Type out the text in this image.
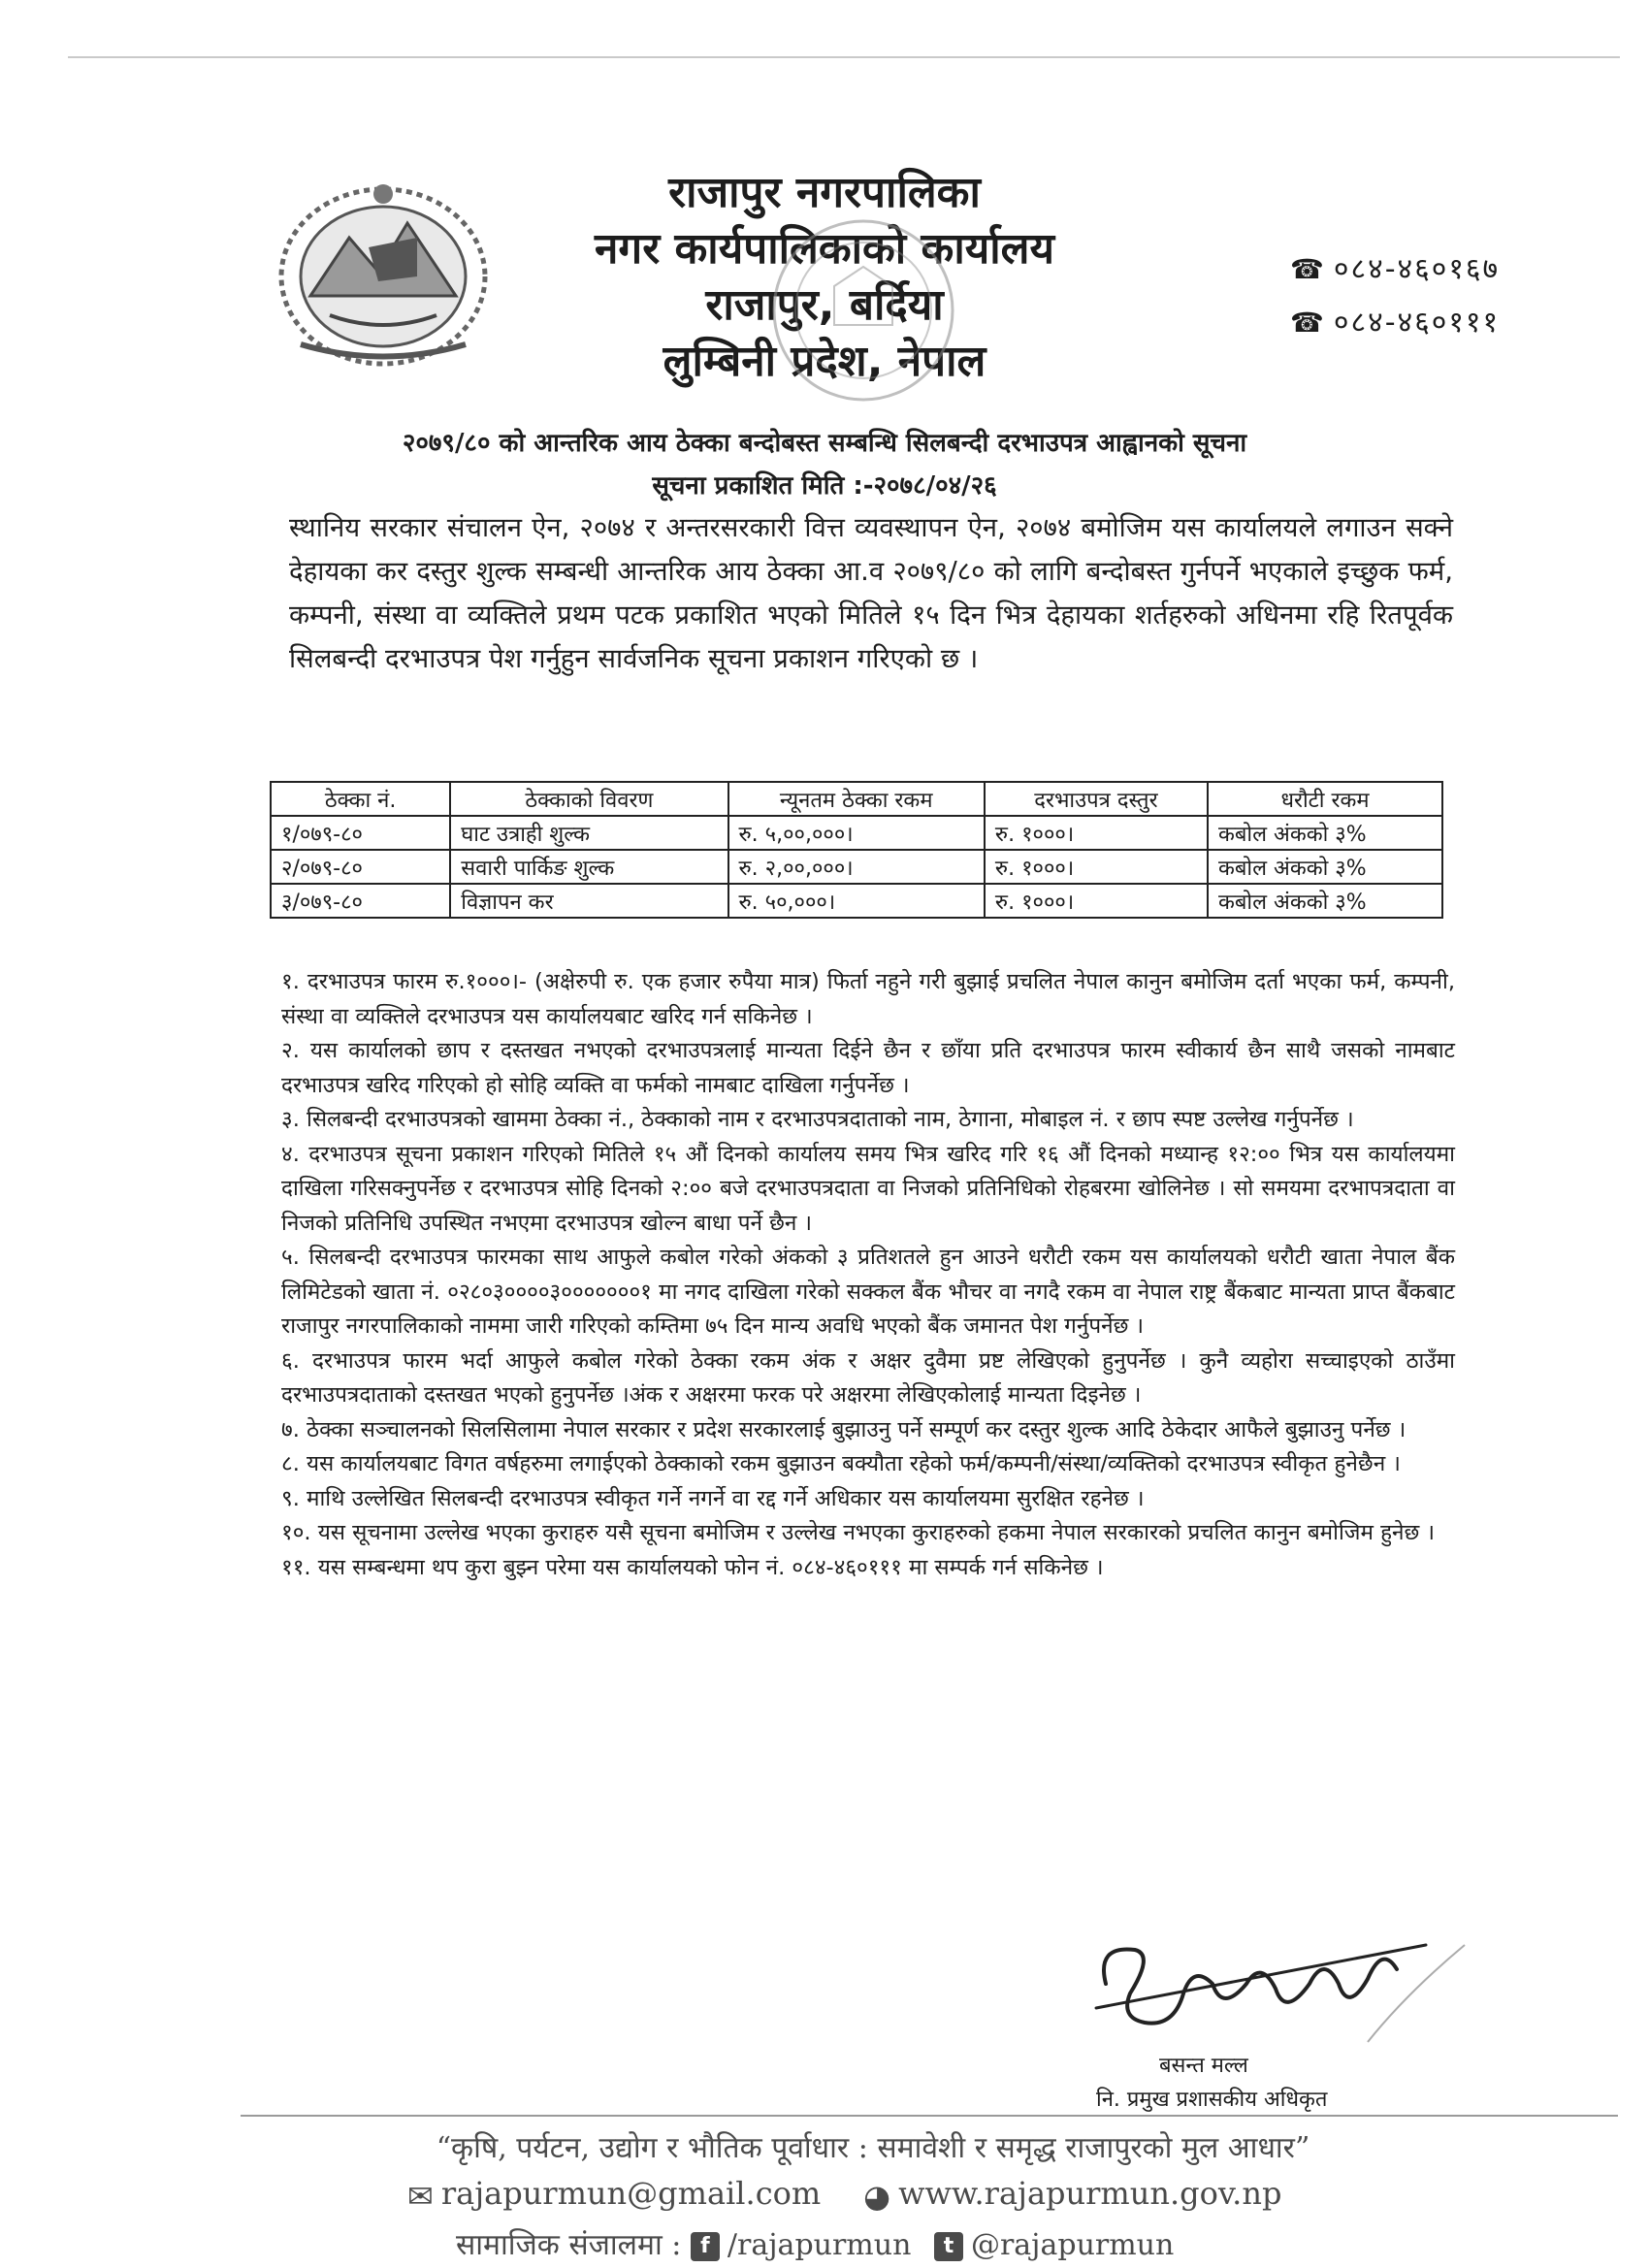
राजापुर नगरपालिका
नगर कार्यपालिकाको कार्यालय
राजापुर, बर्दिया
लुम्बिनी प्रदेश, नेपाल
☎ ०८४-४६०१६७
☎ ०८४-४६०१११
२०७९/८० को आन्तरिक आय ठेक्का बन्दोबस्त सम्बन्धि सिलबन्दी दरभाउपत्र आह्वानको सूचना
सूचना प्रकाशित मिति :-२०७८/०४/२६
स्थानिय सरकार संचालन ऐन, २०७४ र अन्तरसरकारी वित्त व्यवस्थापन ऐन, २०७४ बमोजिम यस कार्यालयले लगाउन सक्ने देहायका कर दस्तुर शुल्क सम्बन्धी आन्तरिक आय ठेक्का आ.व २०७९/८० को लागि बन्दोबस्त गुर्नपर्ने भएकाले इच्छुक फर्म, कम्पनी, संस्था वा व्यक्तिले प्रथम पटक प्रकाशित भएको मितिले १५ दिन भित्र देहायका शर्तहरुको अधिनमा रहि रितपूर्वक सिलबन्दी दरभाउपत्र पेश गर्नुहुन सार्वजनिक सूचना प्रकाशन गरिएको छ ।
ठेक्का नं.	ठेक्काको विवरण	न्यूनतम ठेक्का रकम	दरभाउपत्र दस्तुर	धरौटी रकम
१/०७९-८०	घाट उत्राही शुल्क	रु. ५,००,०००।	रु. १०००।	कबोल अंकको ३%
२/०७९-८०	सवारी पार्किङ शुल्क	रु. २,००,०००।	रु. १०००।	कबोल अंकको ३%
३/०७९-८०	विज्ञापन कर	रु. ५०,०००।	रु. १०००।	कबोल अंकको ३%

१. दरभाउपत्र फारम रु.१०००।- (अक्षेरुपी रु. एक हजार रुपैया मात्र) फिर्ता नहुने गरी बुझाई प्रचलित नेपाल कानुन बमोजिम दर्ता भएका फर्म, कम्पनी, संस्था वा व्यक्तिले दरभाउपत्र यस कार्यालयबाट खरिद गर्न सकिनेछ ।

२. यस कार्यालको छाप र दस्तखत नभएको दरभाउपत्रलाई मान्यता दिईने छैन र छाँया प्रति दरभाउपत्र फारम स्वीकार्य छैन साथै जसको नामबाट दरभाउपत्र खरिद गरिएको हो सोहि व्यक्ति वा फर्मको नामबाट दाखिला गर्नुपर्नेछ ।

३. सिलबन्दी दरभाउपत्रको खाममा ठेक्का नं., ठेक्काको नाम र दरभाउपत्रदाताको नाम, ठेगाना, मोबाइल नं. र छाप स्पष्ट उल्लेख गर्नुपर्नेछ ।

४. दरभाउपत्र सूचना प्रकाशन गरिएको मितिले १५ औं दिनको कार्यालय समय भित्र खरिद गरि १६ औं दिनको मध्यान्ह १२:०० भित्र यस कार्यालयमा दाखिला गरिसक्नुपर्नेछ र दरभाउपत्र सोहि दिनको २:०० बजे दरभाउपत्रदाता वा निजको प्रतिनिधिको रोहबरमा खोलिनेछ । सो समयमा दरभापत्रदाता वा निजको प्रतिनिधि उपस्थित नभएमा दरभाउपत्र खोल्न बाधा पर्ने छैन ।

५. सिलबन्दी दरभाउपत्र फारमका साथ आफुले कबोल गरेको अंकको ३ प्रतिशतले हुन आउने धरौटी रकम यस कार्यालयको धरौटी खाता नेपाल बैंक लिमिटेडको खाता नं. ०२८०३००००३०००००००१ मा नगद दाखिला गरेको सक्कल बैंक भौचर वा नगदै रकम वा नेपाल राष्ट्र बैंकबाट मान्यता प्राप्त बैंकबाट राजापुर नगरपालिकाको नाममा जारी गरिएको कम्तिमा ७५ दिन मान्य अवधि भएको बैंक जमानत पेश गर्नुपर्नेछ ।

६. दरभाउपत्र फारम भर्दा आफुले कबोल गरेको ठेक्का रकम अंक र अक्षर दुवैमा प्रष्ट लेखिएको हुनुपर्नेछ । कुनै व्यहोरा सच्चाइएको ठाउँमा दरभाउपत्रदाताको दस्तखत भएको हुनुपर्नेछ ।अंक र अक्षरमा फरक परे अक्षरमा लेखिएकोलाई मान्यता दिइनेछ ।

७. ठेक्का सञ्चालनको सिलसिलामा नेपाल सरकार र प्रदेश सरकारलाई बुझाउनु पर्ने सम्पूर्ण कर दस्तुर शुल्क आदि ठेकेदार आफैले बुझाउनु पर्नेछ ।

८. यस कार्यालयबाट विगत वर्षहरुमा लगाईएको ठेक्काको रकम बुझाउन बक्यौता रहेको फर्म/कम्पनी/संस्था/व्यक्तिको दरभाउपत्र स्वीकृत हुनेछैन ।

९. माथि उल्लेखित सिलबन्दी दरभाउपत्र स्वीकृत गर्ने नगर्ने वा रद्द गर्ने अधिकार यस कार्यालयमा सुरक्षित रहनेछ ।

१०. यस सूचनामा उल्लेख भएका कुराहरु यसै सूचना बमोजिम र उल्लेख नभएका कुराहरुको हकमा नेपाल सरकारको प्रचलित कानुन बमोजिम हुनेछ ।

११. यस सम्बन्धमा थप कुरा बुझ्न परेमा यस कार्यालयको फोन नं. ०८४-४६०१११ मा सम्पर्क गर्न सकिनेछ ।

बसन्त मल्ल
नि. प्रमुख प्रशासकीय अधिकृत
“कृषि, पर्यटन, उद्योग र भौतिक पूर्वाधार : समावेशी र समृद्ध राजापुरको मुल आधार”
✉ rajapurmun@gmail.com ◕ www.rajapurmun.gov.np
सामाजिक संजालमा : f /rajapurmun t @rajapurmun
